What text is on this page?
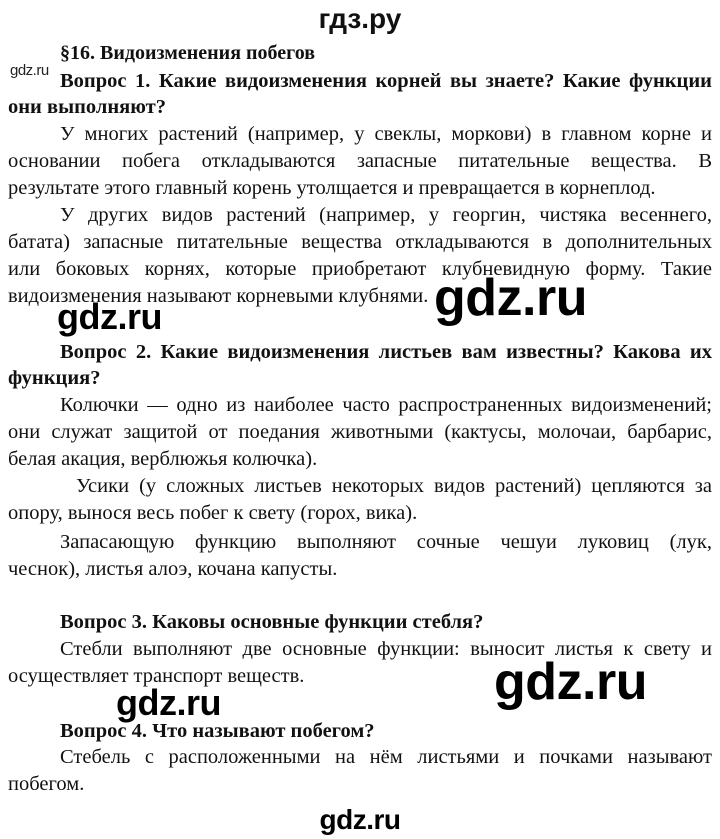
гдз.ру
gdz.ru
§16. Видоизменения побегов
Вопрос 1. Какие видоизменения корней вы знаете? Какие функции
они выполняют?
У многих растений (например, у свеклы, моркови) в главном корне и
основании побега откладываются запасные питательные вещества. В
результате этого главный корень утолщается и превращается в корнеплод.
У других видов растений (например, у георгин, чистяка весеннего,
батата) запасные питательные вещества откладываются в дополнительных
или боковых корнях, которые приобретают клубневидную форму. Такие
видоизменения называют корневыми клубнями. gdz.ru
gdz.ru
Вопрос 2. Какие видоизменения листьев вам известны? Какова их
функция?
Колючки — одно из наиболее часто распространенных видоизменений;
они служат защитой от поедания животными (кактусы, молочаи, барбарис,
белая акация, верблюжья колючка).
Усики (у сложных листьев некоторых видов растений) цепляются за
опору, вынося весь побег к свету (горох, вика).
Запасающую функцию выполняют сочные чешуи луковиц (лук,
чеснок), листья алоэ, кочана капусты.
Вопрос 3. Каковы основные функции стебля?
Стебли выполняют две основные функции: выносит листья к свету и
осуществляет транспорт веществ.	gdz.ru
gdz.ru
Вопрос 4. Что называют побегом?
Стебель с расположенными на нём листьями и почками называют
побегом.
gdz.ru
